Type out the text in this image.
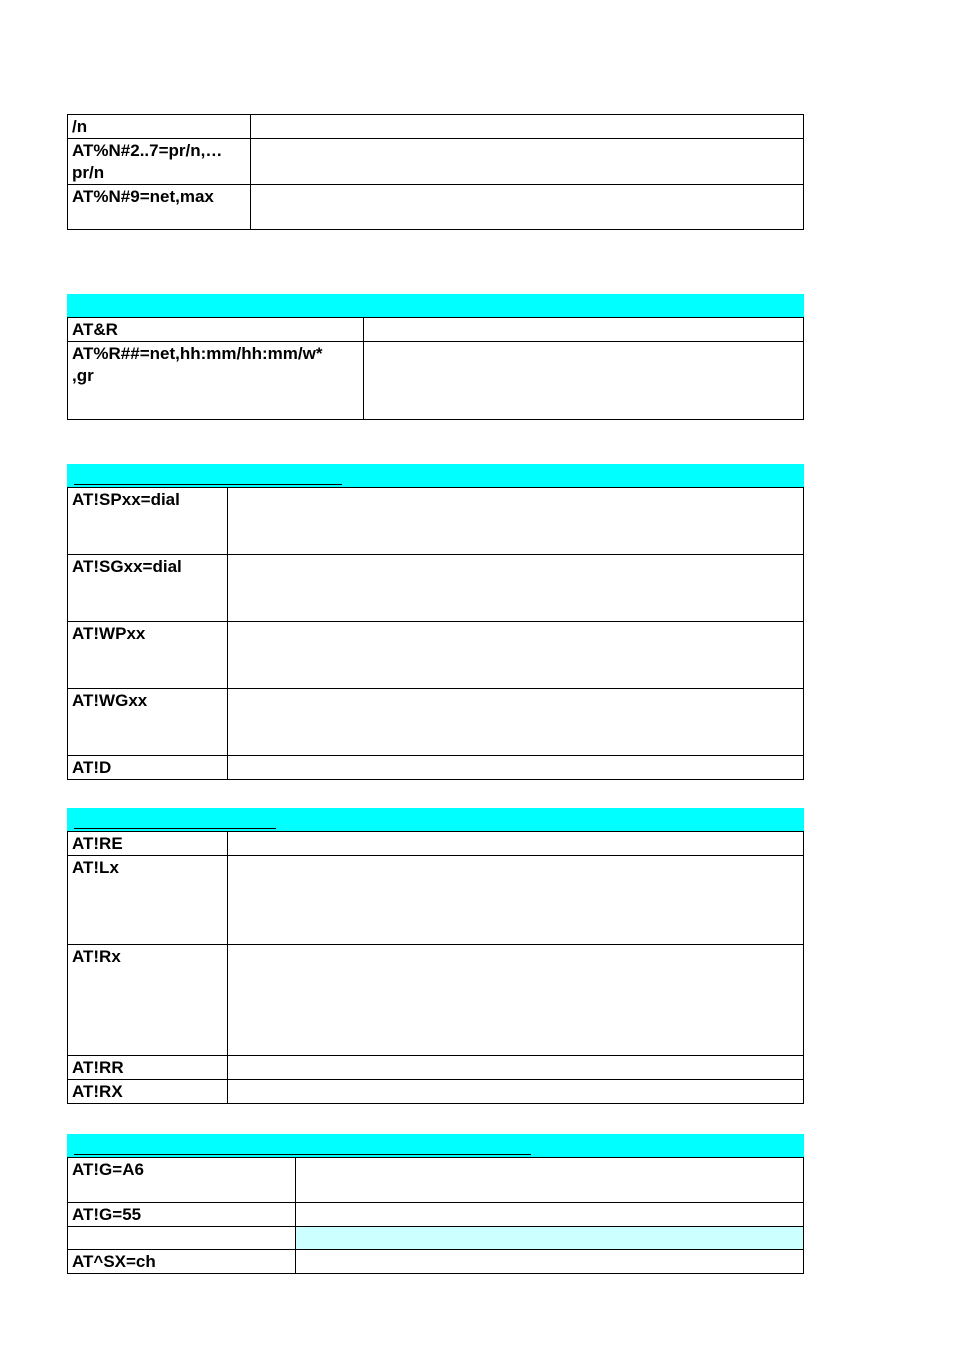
/n	
AT%N#2..7=pr/n,…
pr/n	
AT%N#9=net,max	
AT&R	
AT%R##=net,hh:mm/hh:mm/w*
,gr	
AT!SPxx=dial	
AT!SGxx=dial	
AT!WPxx	
AT!WGxx	
AT!D	
AT!RE	
AT!Lx	
AT!Rx	
AT!RR	
AT!RX	
AT!G=A6	
AT!G=55	

AT^SX=ch	
